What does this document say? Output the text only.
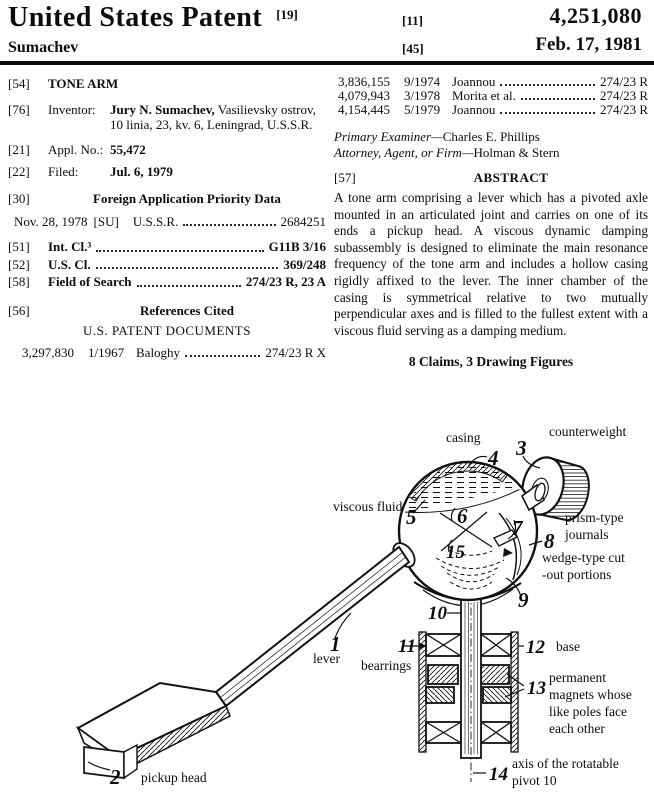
United States Patent [19]
Sumachev
[11]	4,251,080
[45]	Feb. 17, 1981
[54]	TONE ARM
[76]	Inventor:	Jury N. Sumachev, Vasilievsky ostrov, 10 linia, 23, kv. 6, Leningrad, U.S.S.R.
[21]	Appl. No.: 55,472
[22]	Filed:	Jul. 6, 1979
[30]	Foreign Application Priority Data
Nov. 28, 1978 [SU] U.S.S.R.	2684251
[51]	Int. Cl.³	G11B 3/16
[52]	U.S. Cl.	369/248
[58]	Field of Search	274/23 R, 23 A
[56]	References Cited
U.S. PATENT DOCUMENTS
3,297,830	1/1967 Baloghy	274/23 R X
3,836,155	9/1974 Joannou	274/23 R
4,079,943	3/1978 Morita et al.	274/23 R
4,154,445	5/1979 Joannou	274/23 R
Primary Examiner—Charles E. Phillips
Attorney, Agent, or Firm—Holman & Stern
[57]	ABSTRACT
A tone arm comprising a lever which has a pivoted axle mounted in an articulated joint and carries on one of its ends a pickup head. A viscous dynamic damping subassembly is designed to eliminate the main resonance frequency of the tone arm and includes a hollow casing rigidly affixed to the lever. The inner chamber of the casing is symmetrical relative to two mutually perpendicular axes and is filled to the fullest extent with a viscous fluid serving as a damping medium.
8 Claims, 3 Drawing Figures
1
2
3
4
5 6 7
8
9
10
11	12
13
14
15
casing	counterweight
viscous fluid
prism-type
journals
wedge-type cut
-out portions
bearrings
base
permanent
magnets whose
like poles face
each other
lever
pickup head
axis of the rotatable
pivot 10
